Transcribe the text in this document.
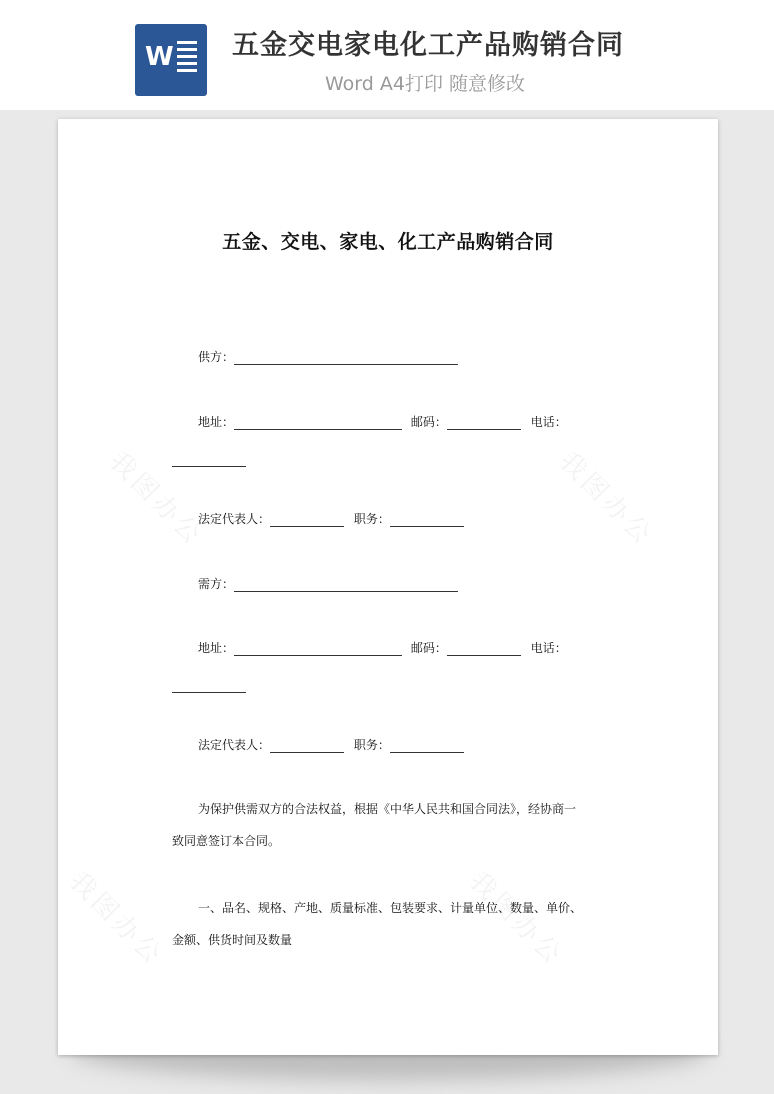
W 五金交电家电化工产品购销合同
Word A4打印 随意修改
我图办公	我图办公
我图办公	我图办公
五金、交电、家电、化工产品购销合同
供方：
地址：	邮码：	电话：
法定代表人：	职务：
需方：
地址：	邮码：	电话：
法定代表人：	职务：
为保护供需双方的合法权益，根据《中华人民共和国合同法》，经协商一
致同意签订本合同。
一、品名、规格、产地、质量标准、包装要求、计量单位、数量、单价、
金额、供货时间及数量
